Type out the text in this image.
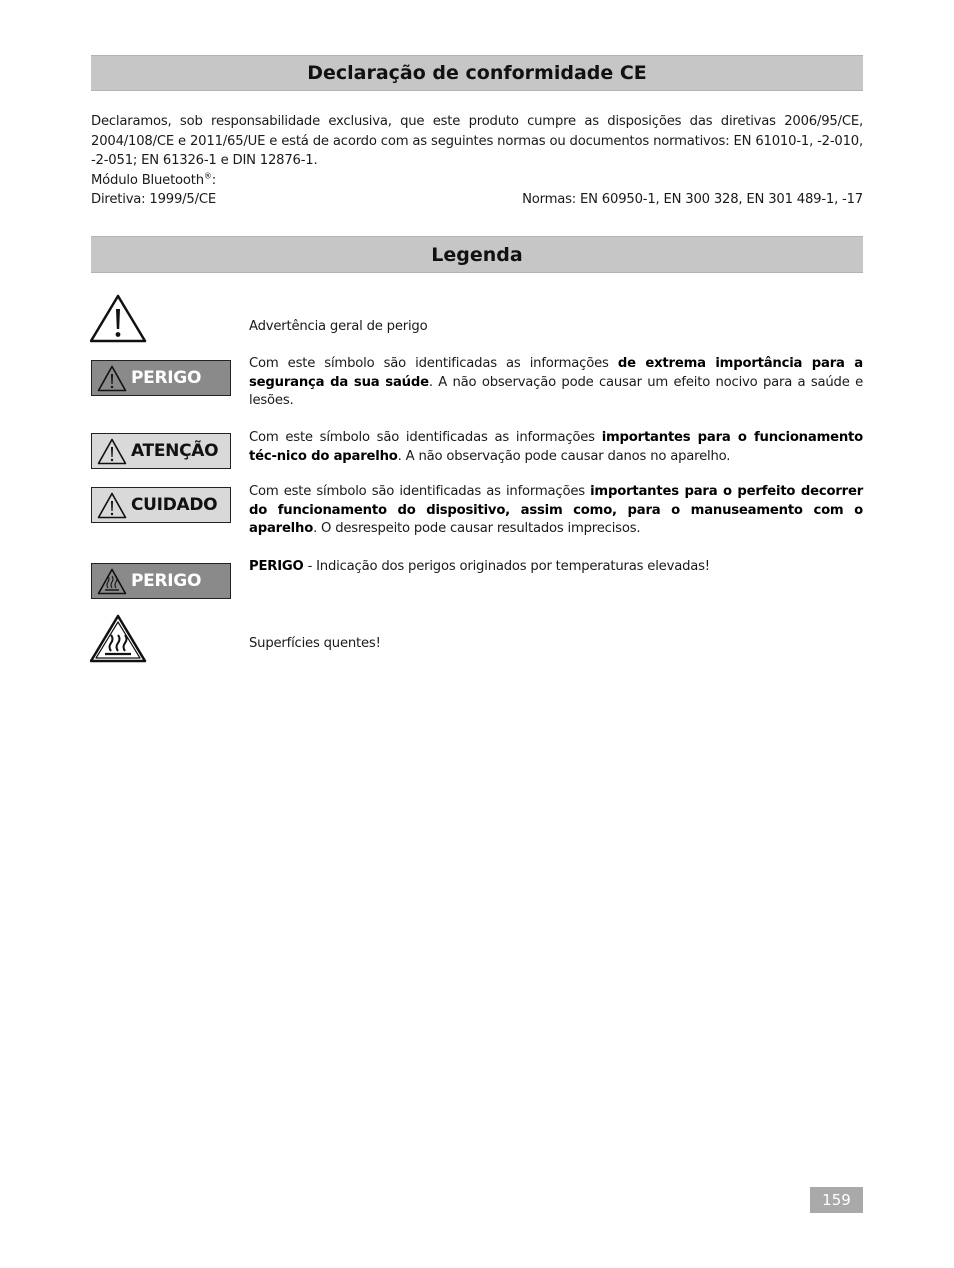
Declaração de conformidade CE

Declaramos, sob responsabilidade exclusiva, que este produto cumpre as disposições das diretivas 2006/95/CE, 2004/108/CE e 2011/65/UE e está de acordo com as seguintes normas ou documentos normativos: EN 61010-1, -2-010, -2-051; EN 61326-1 e DIN 12876-1.

Módulo Bluetooth®:

Diretiva: 1999/5/CE	Normas: EN 60950-1, EN 300 328, EN 301 489-1, -17
Legenda
Advertência geral de perigo
PERIGO
Com este símbolo são identificadas as informações de extrema importância para a segurança da sua saúde. A não observação pode causar um efeito nocivo para a saúde e lesões.
ATENÇÃO
Com este símbolo são identificadas as informações importantes para o funcionamento téc-nico do aparelho. A não observação pode causar danos no aparelho.
CUIDADO
Com este símbolo são identificadas as informações importantes para o perfeito decorrer do funcionamento do dispositivo, assim como, para o manuseamento com o aparelho. O desrespeito pode causar resultados imprecisos.
PERIGO
PERIGO - Indicação dos perigos originados por temperaturas elevadas!
Superfícies quentes!
159
